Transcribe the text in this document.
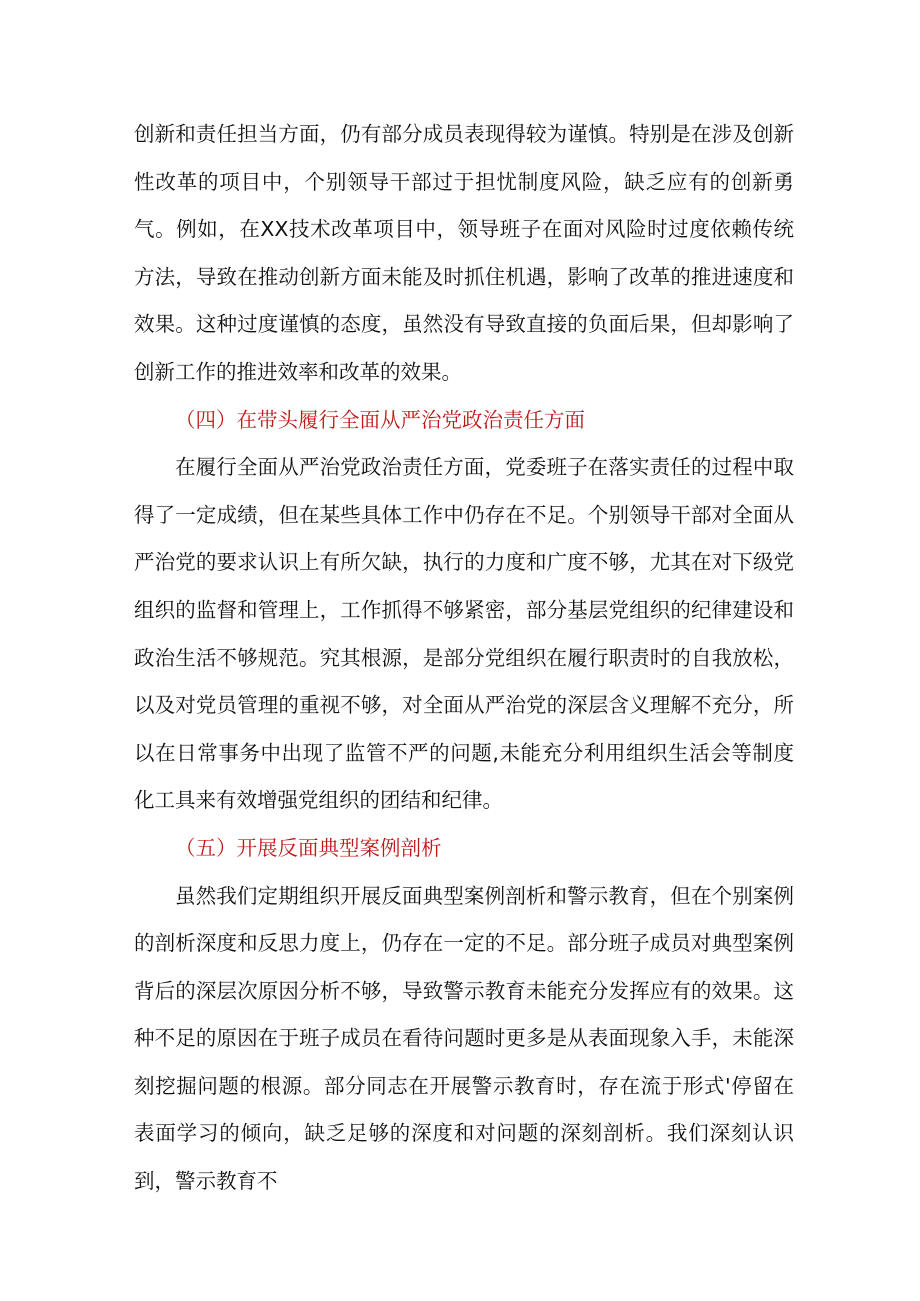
创新和责任担当方面，仍有部分成员表现得较为谨慎。特别是在涉及创新性改革的项目中，个别领导干部过于担忧制度风险，缺乏应有的创新勇气。例如，在XX技术改革项目中，领导班子在面对风险时过度依赖传统方法，导致在推动创新方面未能及时抓住机遇，影响了改革的推进速度和效果。这种过度谨慎的态度，虽然没有导致直接的负面后果，但却影响了创新工作的推进效率和改革的效果。

（四）在带头履行全面从严治党政治责任方面

在履行全面从严治党政治责任方面，党委班子在落实责任的过程中取得了一定成绩，但在某些具体工作中仍存在不足。个别领导干部对全面从严治党的要求认识上有所欠缺，执行的力度和广度不够，尤其在对下级党组织的监督和管理上，工作抓得不够紧密，部分基层党组织的纪律建设和政治生活不够规范。究其根源，是部分党组织在履行职责时的自我放松，以及对党员管理的重视不够，对全面从严治党的深层含义理解不充分，所以在日常事务中出现了监管不严的问题,未能充分利用组织生活会等制度化工具来有效增强党组织的团结和纪律。

（五）开展反面典型案例剖析

虽然我们定期组织开展反面典型案例剖析和警示教育，但在个别案例的剖析深度和反思力度上，仍存在一定的不足。部分班子成员对典型案例背后的深层次原因分析不够，导致警示教育未能充分发挥应有的效果。这种不足的原因在于班子成员在看待问题时更多是从表面现象入手，未能深刻挖掘问题的根源。部分同志在开展警示教育时，存在流于形式'停留在表面学习的倾向，缺乏足够的深度和对问题的深刻剖析。我们深刻认识到，警示教育不
